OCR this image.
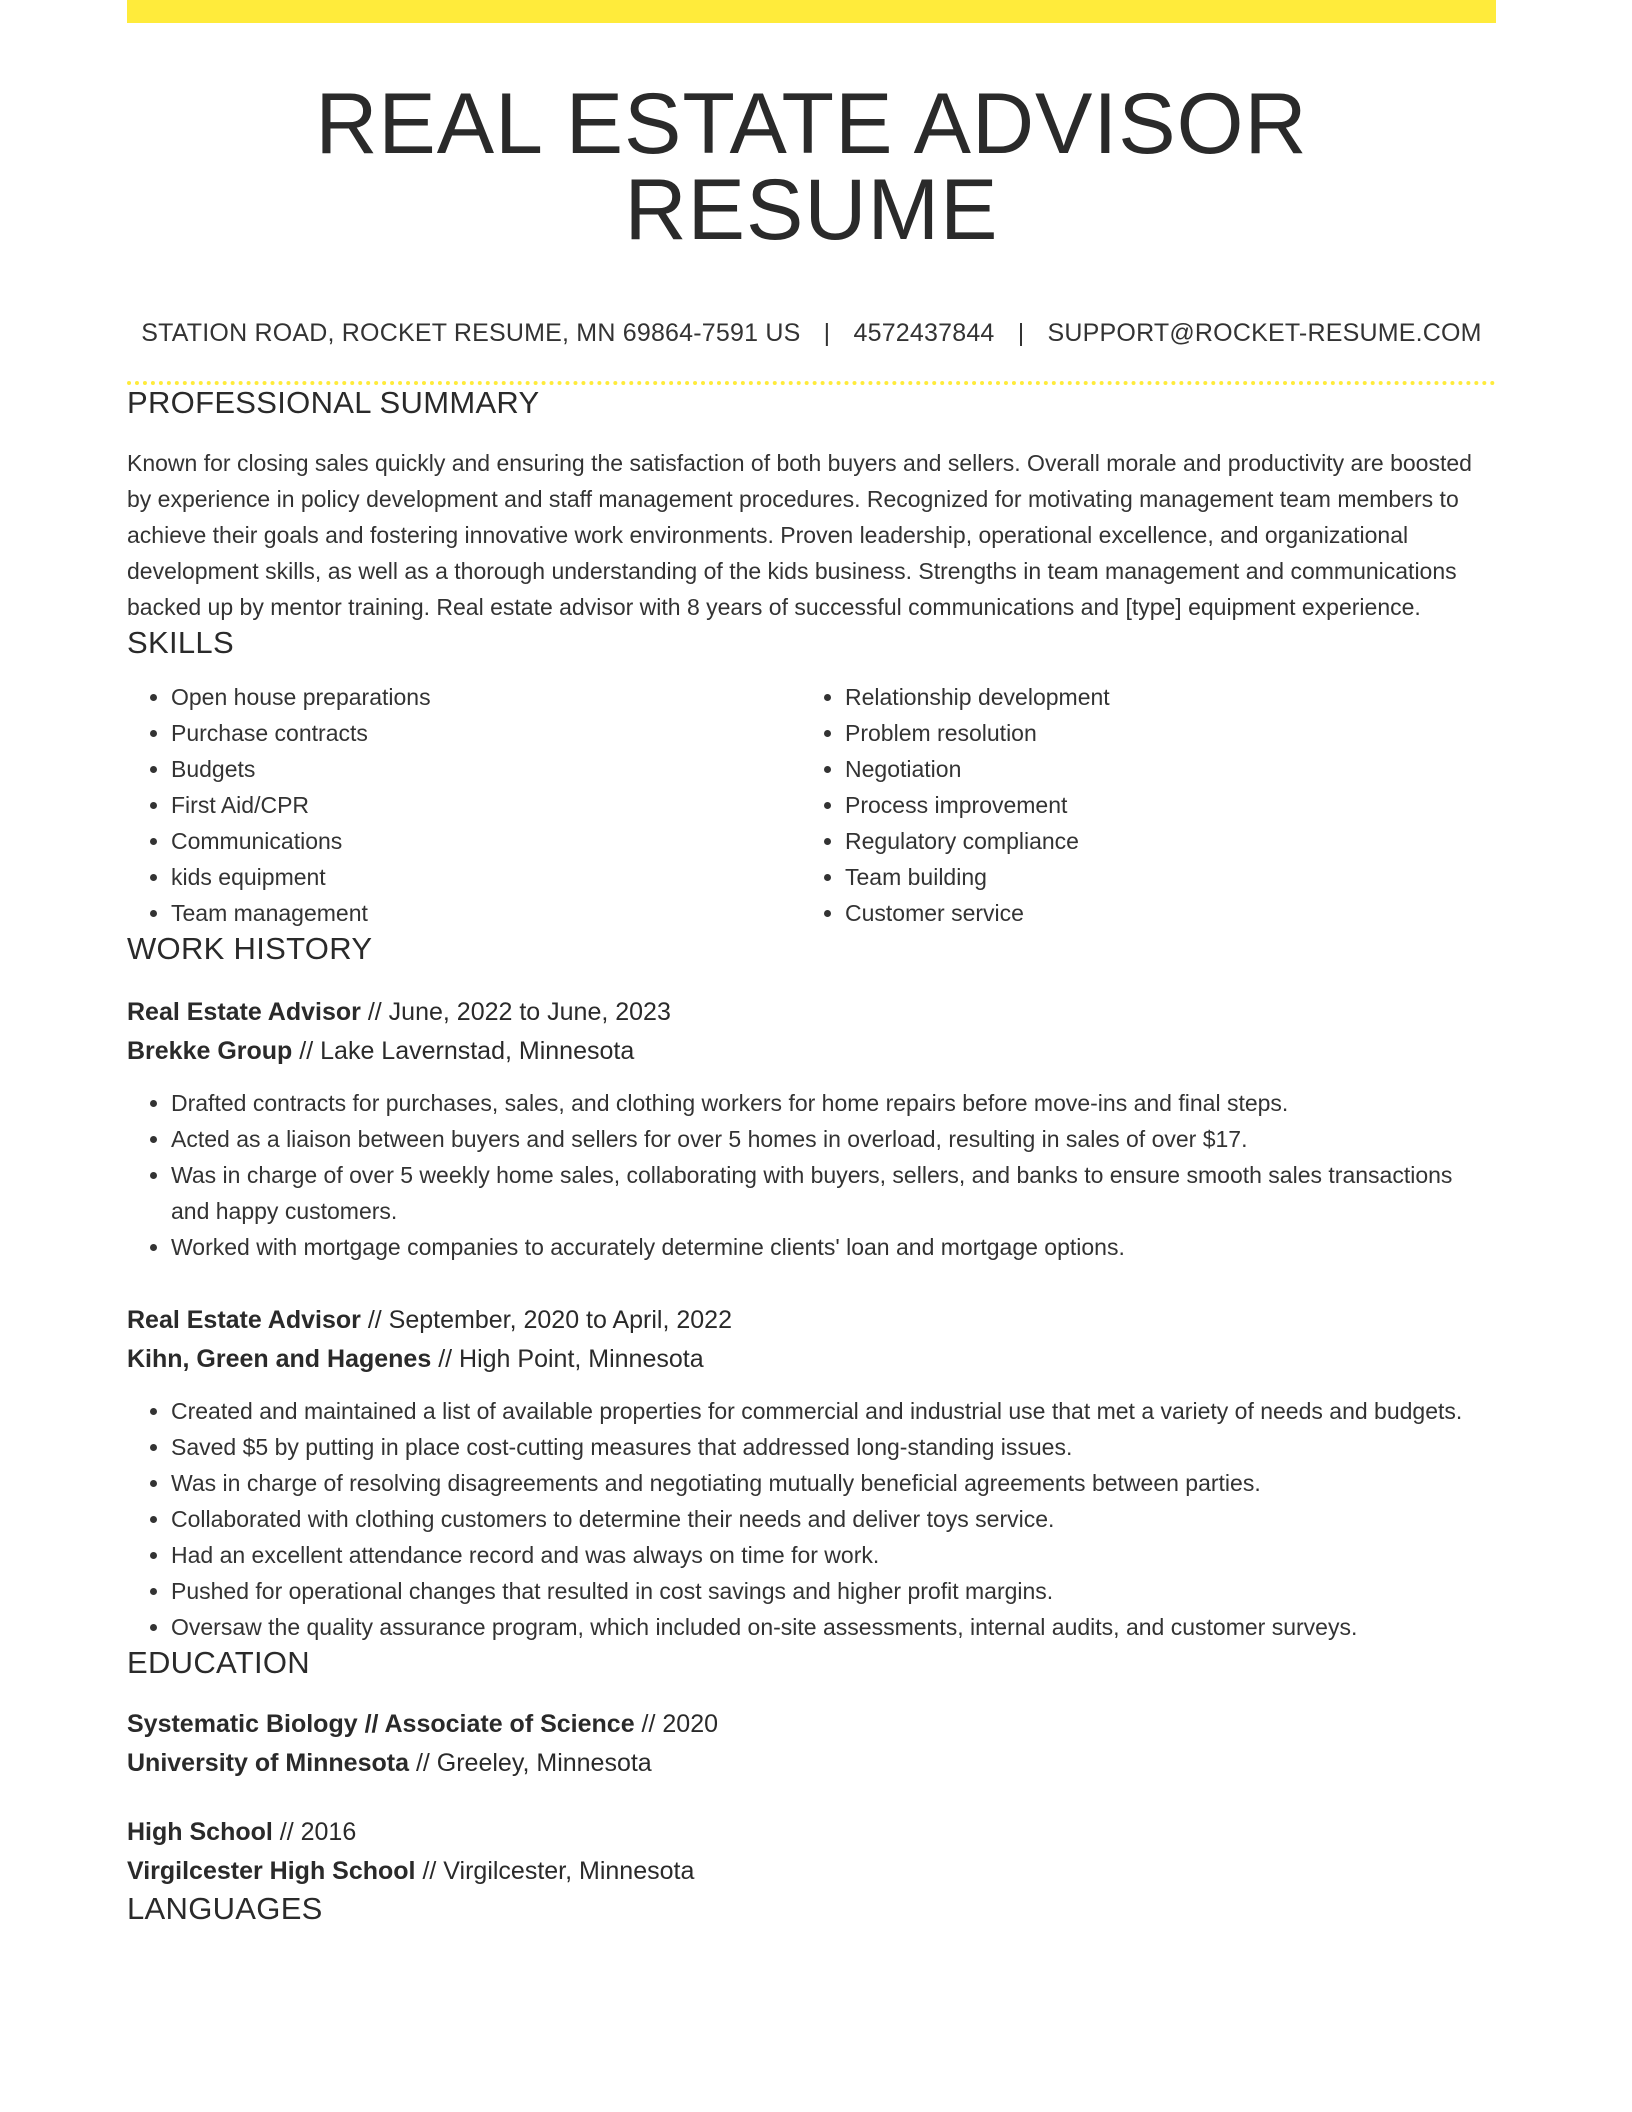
REAL ESTATE ADVISOR RESUME
STATION ROAD, ROCKET RESUME, MN 69864-7591 US | 4572437844 | SUPPORT@ROCKET-RESUME.COM
PROFESSIONAL SUMMARY

Known for closing sales quickly and ensuring the satisfaction of both buyers and sellers. Overall morale and productivity are boosted by experience in policy development and staff management procedures. Recognized for motivating management team members to achieve their goals and fostering innovative work environments. Proven leadership, operational excellence, and organizational development skills, as well as a thorough understanding of the kids business. Strengths in team management and communications backed up by mentor training. Real estate advisor with 8 years of successful communications and [type] equipment experience.

SKILLS
• Open house preparations
• Purchase contracts
• Budgets
• First Aid/CPR
• Communications
• kids equipment
• Team management
• Relationship development
• Problem resolution
• Negotiation
• Process improvement
• Regulatory compliance
• Team building
• Customer service
WORK HISTORY
Real Estate Advisor // June, 2022 to June, 2023
Brekke Group // Lake Lavernstad, Minnesota
• Drafted contracts for purchases, sales, and clothing workers for home repairs before move-ins and final steps.
• Acted as a liaison between buyers and sellers for over 5 homes in overload, resulting in sales of over $17.
• Was in charge of over 5 weekly home sales, collaborating with buyers, sellers, and banks to ensure smooth sales transactions and happy customers.
• Worked with mortgage companies to accurately determine clients' loan and mortgage options.
Real Estate Advisor // September, 2020 to April, 2022
Kihn, Green and Hagenes // High Point, Minnesota
• Created and maintained a list of available properties for commercial and industrial use that met a variety of needs and budgets.
• Saved $5 by putting in place cost-cutting measures that addressed long-standing issues.
• Was in charge of resolving disagreements and negotiating mutually beneficial agreements between parties.
• Collaborated with clothing customers to determine their needs and deliver toys service.
• Had an excellent attendance record and was always on time for work.
• Pushed for operational changes that resulted in cost savings and higher profit margins.
• Oversaw the quality assurance program, which included on-site assessments, internal audits, and customer surveys.
EDUCATION
Systematic Biology // Associate of Science // 2020
University of Minnesota // Greeley, Minnesota
High School // 2016
Virgilcester High School // Virgilcester, Minnesota
LANGUAGES
